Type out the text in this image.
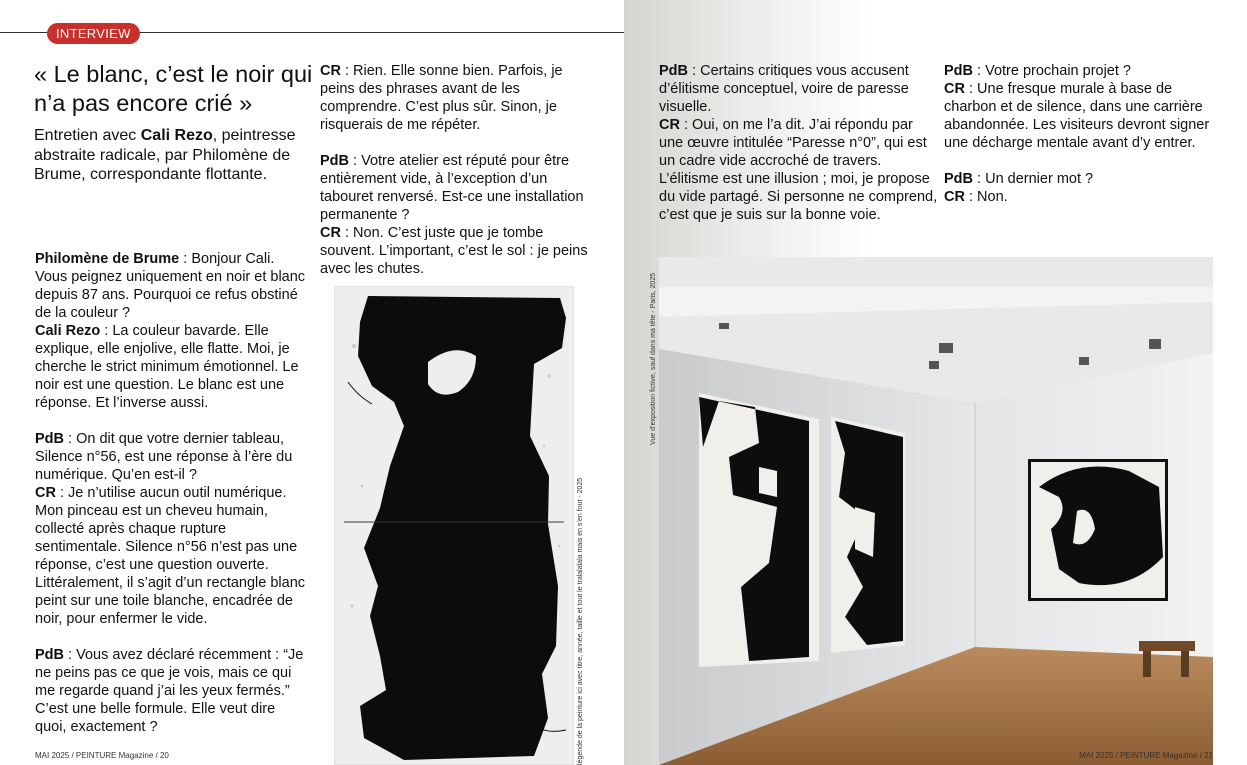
INTERVIEW
« Le blanc, c’est le noir qui n’a pas encore crié »
Entretien avec Cali Rezo, peintresse abstraite radicale, par Philomène de Brume, correspondante flottante.

Philomène de Brume : Bonjour Cali. Vous peignez uniquement en noir et blanc depuis 87 ans. Pourquoi ce refus obstiné de la couleur ?
Cali Rezo : La couleur bavarde. Elle explique, elle enjolive, elle flatte. Moi, je cherche le strict minimum émotionnel. Le noir est une question. Le blanc est une réponse. Et l’inverse aussi.

PdB : On dit que votre dernier tableau, Silence n°56, est une réponse à l’ère du numérique. Qu’en est-il ?
CR : Je n’utilise aucun outil numérique. Mon pinceau est un cheveu humain, collecté après chaque rupture sentimentale. Silence n°56 n’est pas une réponse, c’est une question ouverte. Littéralement, il s’agit d’un rectangle blanc peint sur une toile blanche, encadrée de noir, pour enfermer le vide.

PdB : Vous avez déclaré récemment : “Je ne peins pas ce que je vois, mais ce qui me regarde quand j’ai les yeux fermés.” C’est une belle formule. Elle veut dire quoi, exactement ?

CR : Rien. Elle sonne bien. Parfois, je peins des phrases avant de les comprendre. C’est plus sûr. Sinon, je risquerais de me répéter.

PdB : Votre atelier est réputé pour être entièrement vide, à l’exception d’un tabouret renversé. Est-ce une installation permanente ?
CR : Non. C’est juste que je tombe souvent. L’important, c’est le sol : je peins avec les chutes.

PdB : Certains critiques vous accusent d’élitisme conceptuel, voire de paresse visuelle.
CR : Oui, on me l’a dit. J’ai répondu par une œuvre intitulée “Paresse n°0”, qui est un cadre vide accroché de travers. L’élitisme est une illusion ; moi, je propose du vide partagé. Si personne ne comprend, c’est que je suis sur la bonne voie.

PdB : Votre prochain projet ?
CR : Une fresque murale à base de charbon et de silence, dans une carrière abandonnée. Les visiteurs devront signer une décharge mentale avant d’y entrer.

PdB : Un dernier mot ?
CR : Non.

légende de la peinture ici avec titre, année, taille et tout le tralalalala mais en s’en fout - 2025
Vue d’exposition fictive, sauf dans ma tête - Paris, 2025
MAI 2025 / PEINTURE Magazine / 20	MAI 2025 / PEINTURE Magazine / 21
